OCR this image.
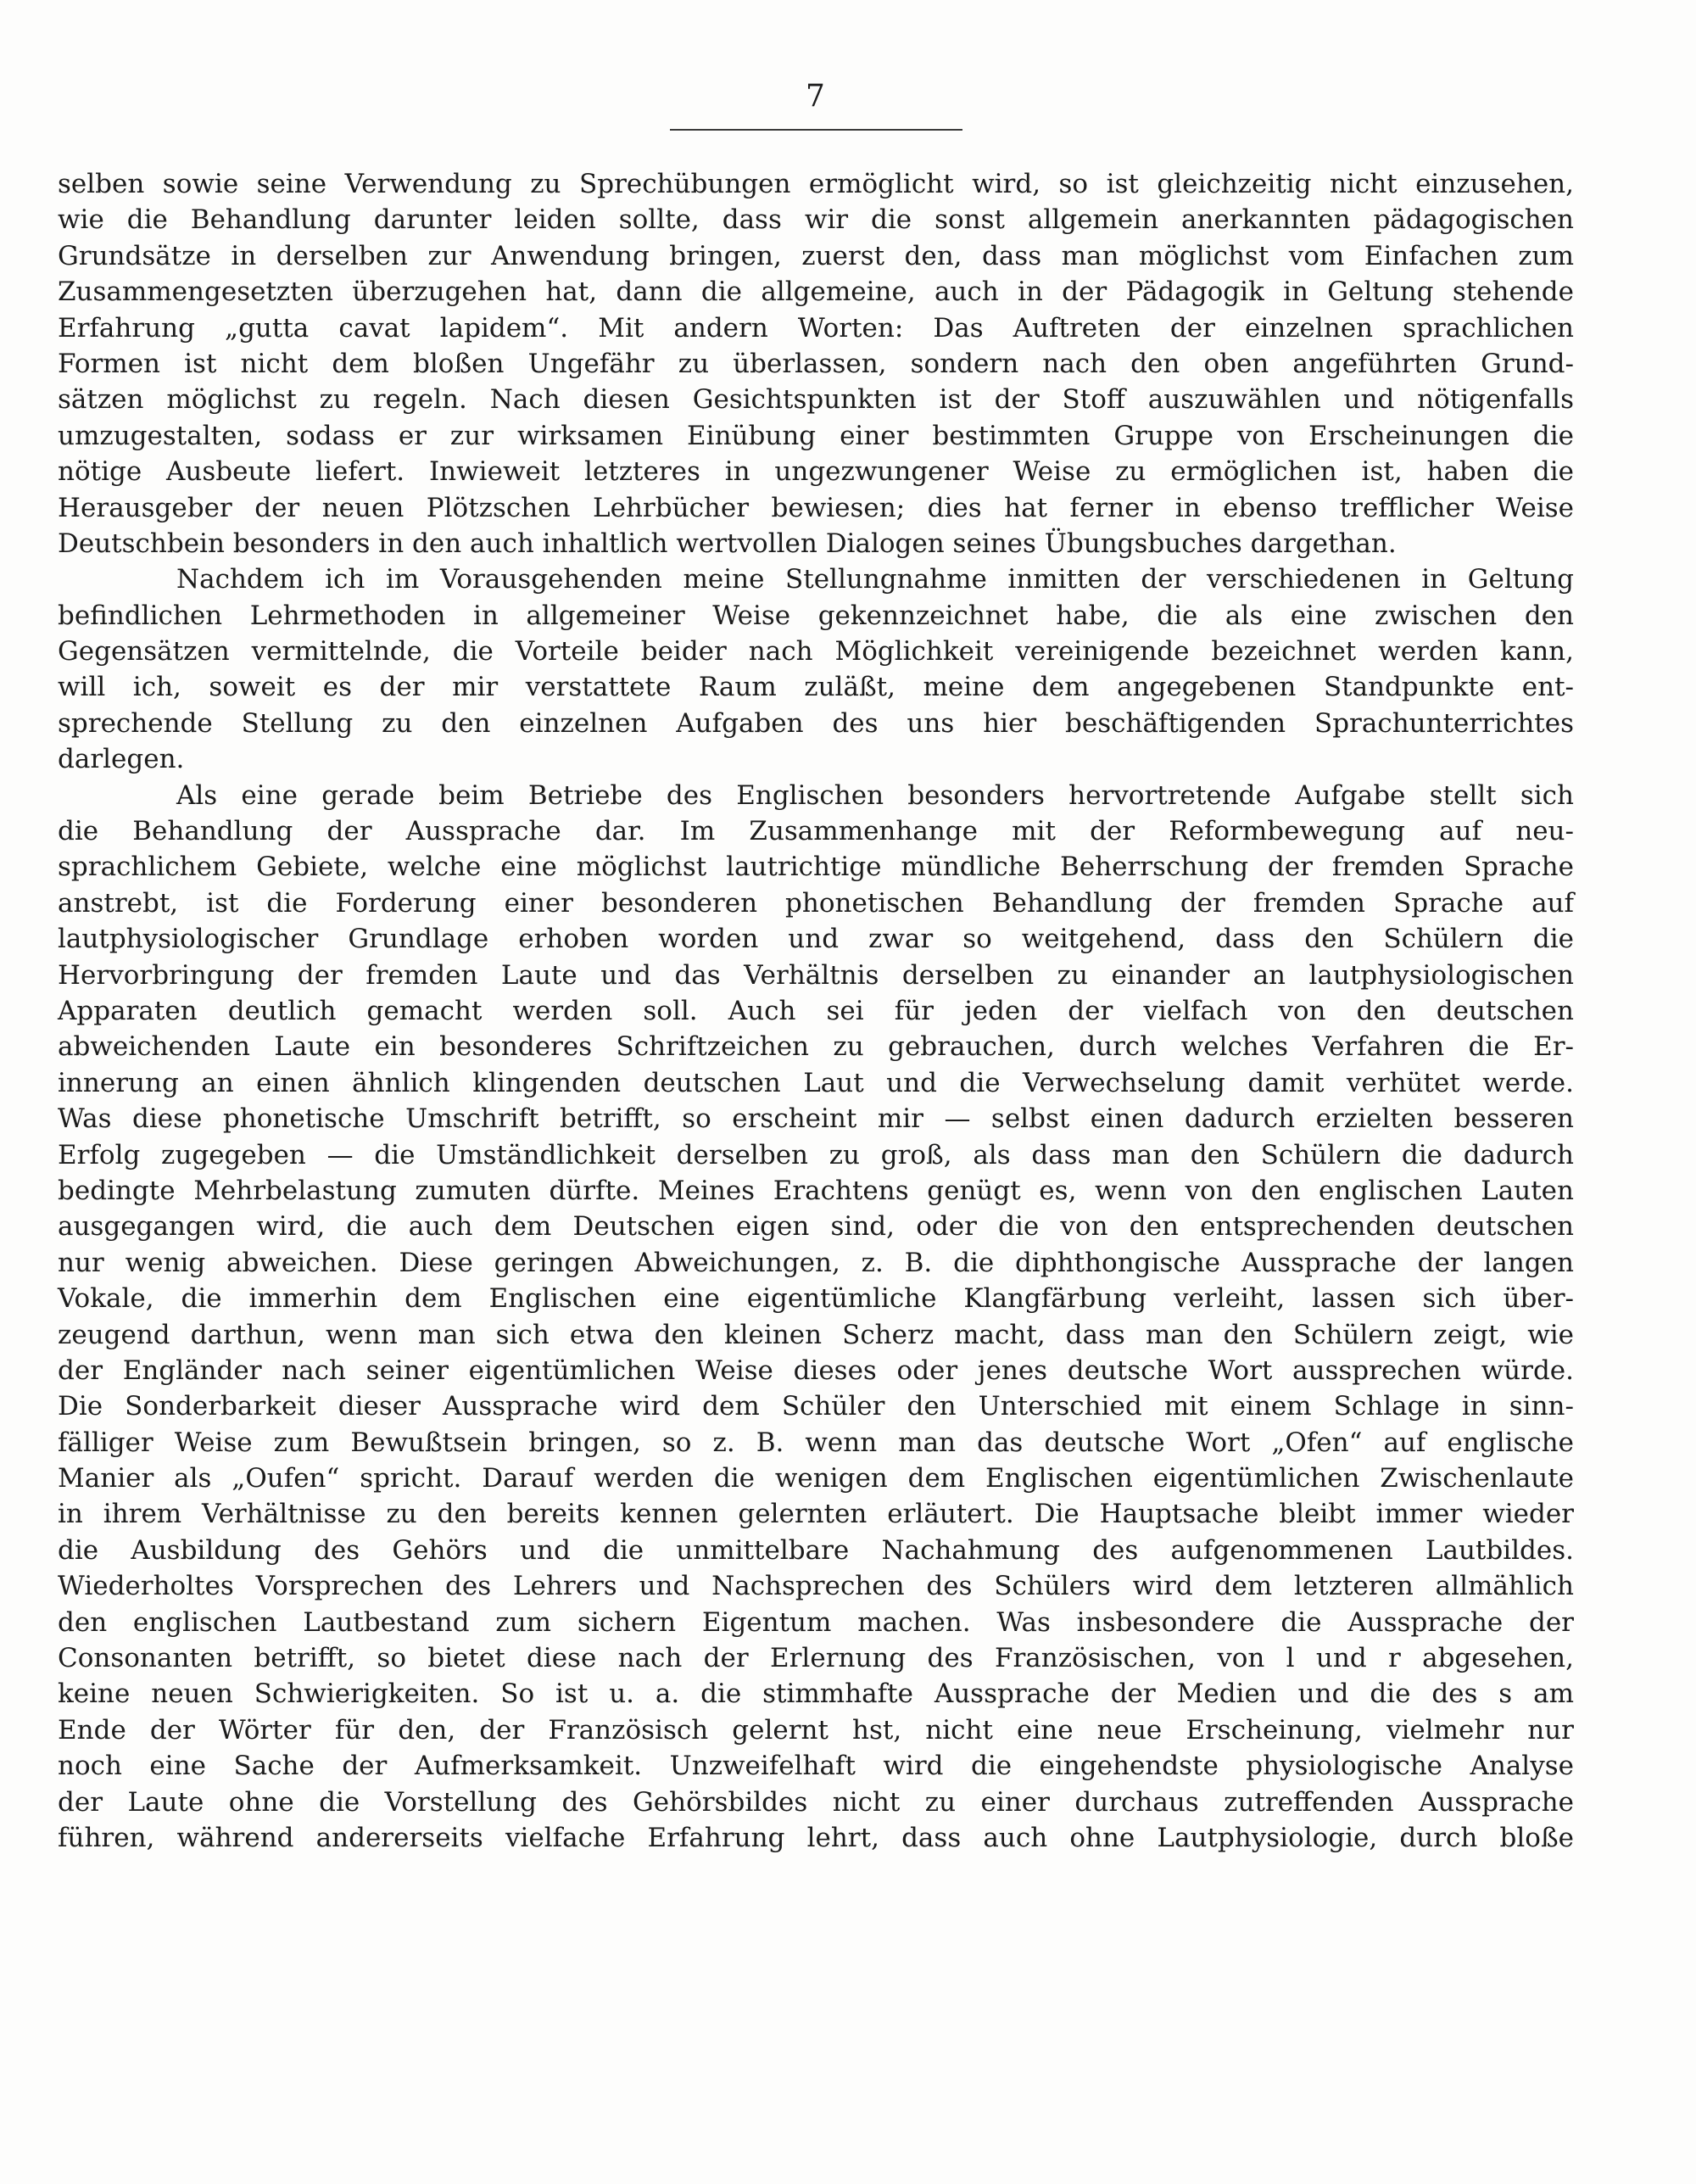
7
selben sowie seine Verwendung zu Sprechübungen ermöglicht wird, so ist gleichzeitig nicht einzusehen,
wie die Behandlung darunter leiden sollte, dass wir die sonst allgemein anerkannten pädagogischen
Grundsätze in derselben zur Anwendung bringen, zuerst den, dass man möglichst vom Einfachen zum
Zusammengesetzten überzugehen hat, dann die allgemeine, auch in der Pädagogik in Geltung stehende
Erfahrung „gutta cavat lapidem“. Mit andern Worten: Das Auftreten der einzelnen sprachlichen
Formen ist nicht dem bloßen Ungefähr zu überlassen, sondern nach den oben angeführten Grund-
sätzen möglichst zu regeln. Nach diesen Gesichtspunkten ist der Stoff auszuwählen und nötigenfalls
umzugestalten, sodass er zur wirksamen Einübung einer bestimmten Gruppe von Erscheinungen die
nötige Ausbeute liefert. Inwieweit letzteres in ungezwungener Weise zu ermöglichen ist, haben die
Herausgeber der neuen Plötzschen Lehrbücher bewiesen; dies hat ferner in ebenso trefflicher Weise
Deutschbein besonders in den auch inhaltlich wertvollen Dialogen seines Übungsbuches dargethan.
Nachdem ich im Vorausgehenden meine Stellungnahme inmitten der verschiedenen in Geltung
befindlichen Lehrmethoden in allgemeiner Weise gekennzeichnet habe, die als eine zwischen den
Gegensätzen vermittelnde, die Vorteile beider nach Möglichkeit vereinigende bezeichnet werden kann,
will ich, soweit es der mir verstattete Raum zuläßt, meine dem angegebenen Standpunkte ent-
sprechende Stellung zu den einzelnen Aufgaben des uns hier beschäftigenden Sprachunterrichtes
darlegen.
Als eine gerade beim Betriebe des Englischen besonders hervortretende Aufgabe stellt sich
die Behandlung der Aussprache dar. Im Zusammenhange mit der Reformbewegung auf neu-
sprachlichem Gebiete, welche eine möglichst lautrichtige mündliche Beherrschung der fremden Sprache
anstrebt, ist die Forderung einer besonderen phonetischen Behandlung der fremden Sprache auf
lautphysiologischer Grundlage erhoben worden und zwar so weitgehend, dass den Schülern die
Hervorbringung der fremden Laute und das Verhältnis derselben zu einander an lautphysiologischen
Apparaten deutlich gemacht werden soll. Auch sei für jeden der vielfach von den deutschen
abweichenden Laute ein besonderes Schriftzeichen zu gebrauchen, durch welches Verfahren die Er-
innerung an einen ähnlich klingenden deutschen Laut und die Verwechselung damit verhütet werde.
Was diese phonetische Umschrift betrifft, so erscheint mir — selbst einen dadurch erzielten besseren
Erfolg zugegeben — die Umständlichkeit derselben zu groß, als dass man den Schülern die dadurch
bedingte Mehrbelastung zumuten dürfte. Meines Erachtens genügt es, wenn von den englischen Lauten
ausgegangen wird, die auch dem Deutschen eigen sind, oder die von den entsprechenden deutschen
nur wenig abweichen. Diese geringen Abweichungen, z. B. die diphthongische Aussprache der langen
Vokale, die immerhin dem Englischen eine eigentümliche Klangfärbung verleiht, lassen sich über-
zeugend darthun, wenn man sich etwa den kleinen Scherz macht, dass man den Schülern zeigt, wie
der Engländer nach seiner eigentümlichen Weise dieses oder jenes deutsche Wort aussprechen würde.
Die Sonderbarkeit dieser Aussprache wird dem Schüler den Unterschied mit einem Schlage in sinn-
fälliger Weise zum Bewußtsein bringen, so z. B. wenn man das deutsche Wort „Ofen“ auf englische
Manier als „Oufen“ spricht. Darauf werden die wenigen dem Englischen eigentümlichen Zwischenlaute
in ihrem Verhältnisse zu den bereits kennen gelernten erläutert. Die Hauptsache bleibt immer wieder
die Ausbildung des Gehörs und die unmittelbare Nachahmung des aufgenommenen Lautbildes.
Wiederholtes Vorsprechen des Lehrers und Nachsprechen des Schülers wird dem letzteren allmählich
den englischen Lautbestand zum sichern Eigentum machen. Was insbesondere die Aussprache der
Consonanten betrifft, so bietet diese nach der Erlernung des Französischen, von l und r abgesehen,
keine neuen Schwierigkeiten. So ist u. a. die stimmhafte Aussprache der Medien und die des s am
Ende der Wörter für den, der Französisch gelernt hst, nicht eine neue Erscheinung, vielmehr nur
noch eine Sache der Aufmerksamkeit. Unzweifelhaft wird die eingehendste physiologische Analyse
der Laute ohne die Vorstellung des Gehörsbildes nicht zu einer durchaus zutreffenden Aussprache
führen, während andererseits vielfache Erfahrung lehrt, dass auch ohne Lautphysiologie, durch bloße
